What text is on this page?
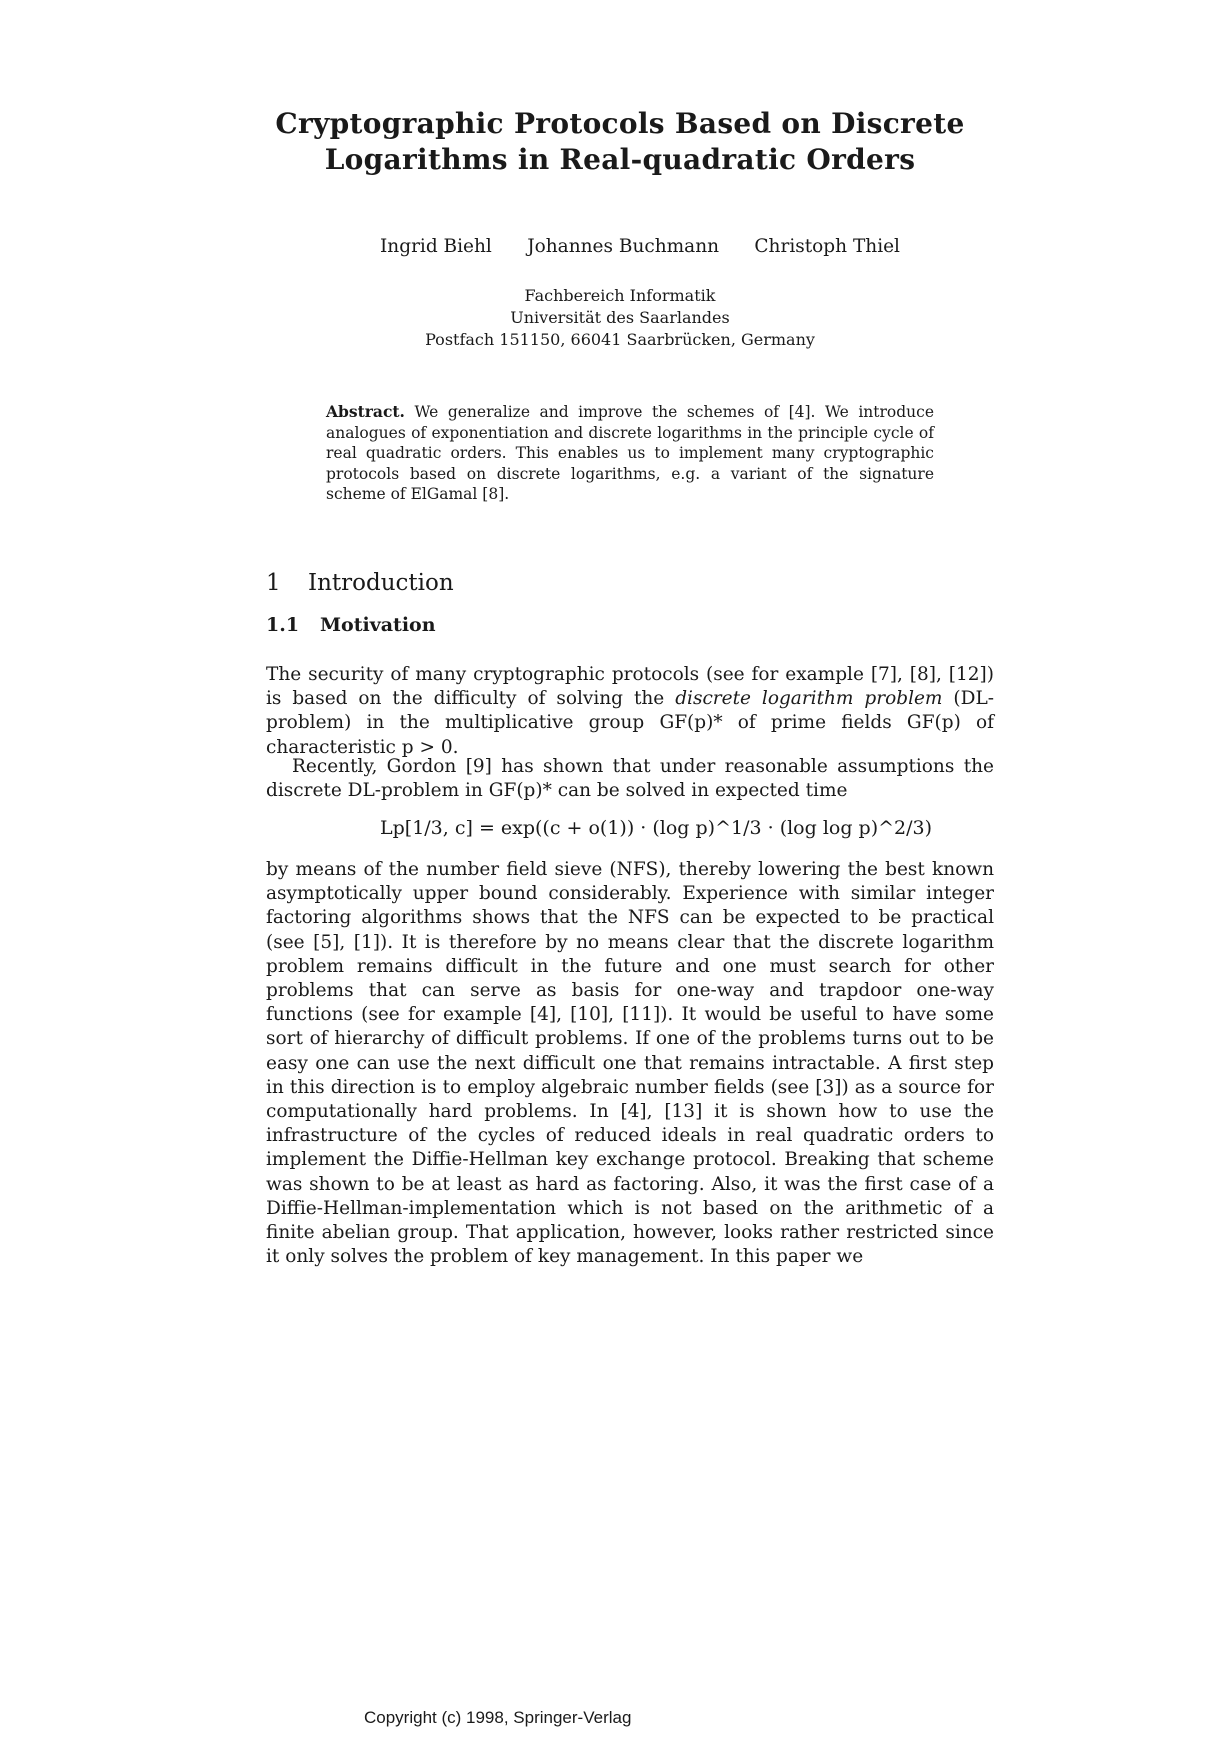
Cryptographic Protocols Based on Discrete
Logarithms in Real-quadratic Orders
Ingrid Biehl Johannes Buchmann Christoph Thiel
Fachbereich Informatik
Universität des Saarlandes
Postfach 151150, 66041 Saarbrücken, Germany
Abstract. We generalize and improve the schemes of [4]. We introduce analogues of exponentiation and discrete logarithms in the principle cycle of real quadratic orders. This enables us to implement many cryptographic protocols based on discrete logarithms, e.g. a variant of the signature scheme of ElGamal [8].
1 Introduction
1.1 Motivation
The security of many cryptographic protocols (see for example [7], [8], [12]) is based on the difficulty of solving the discrete logarithm problem (DL-problem) in the multiplicative group GF(p)* of prime fields GF(p) of characteristic p > 0.
Recently, Gordon [9] has shown that under reasonable assumptions the discrete DL-problem in GF(p)* can be solved in expected time
Lp[1/3, c] = exp((c + o(1)) · (log p)^1/3 · (log log p)^2/3)
by means of the number field sieve (NFS), thereby lowering the best known asymptotically upper bound considerably. Experience with similar integer factoring algorithms shows that the NFS can be expected to be practical (see [5], [1]). It is therefore by no means clear that the discrete logarithm problem remains difficult in the future and one must search for other problems that can serve as basis for one-way and trapdoor one-way functions (see for example [4], [10], [11]). It would be useful to have some sort of hierarchy of difficult problems. If one of the problems turns out to be easy one can use the next difficult one that remains intractable. A first step in this direction is to employ algebraic number fields (see [3]) as a source for computationally hard problems. In [4], [13] it is shown how to use the infrastructure of the cycles of reduced ideals in real quadratic orders to implement the Diffie-Hellman key exchange protocol. Breaking that scheme was shown to be at least as hard as factoring. Also, it was the first case of a Diffie-Hellman-implementation which is not based on the arithmetic of a finite abelian group. That application, however, looks rather restricted since it only solves the problem of key management. In this paper we
Copyright (c) 1998, Springer-Verlag
